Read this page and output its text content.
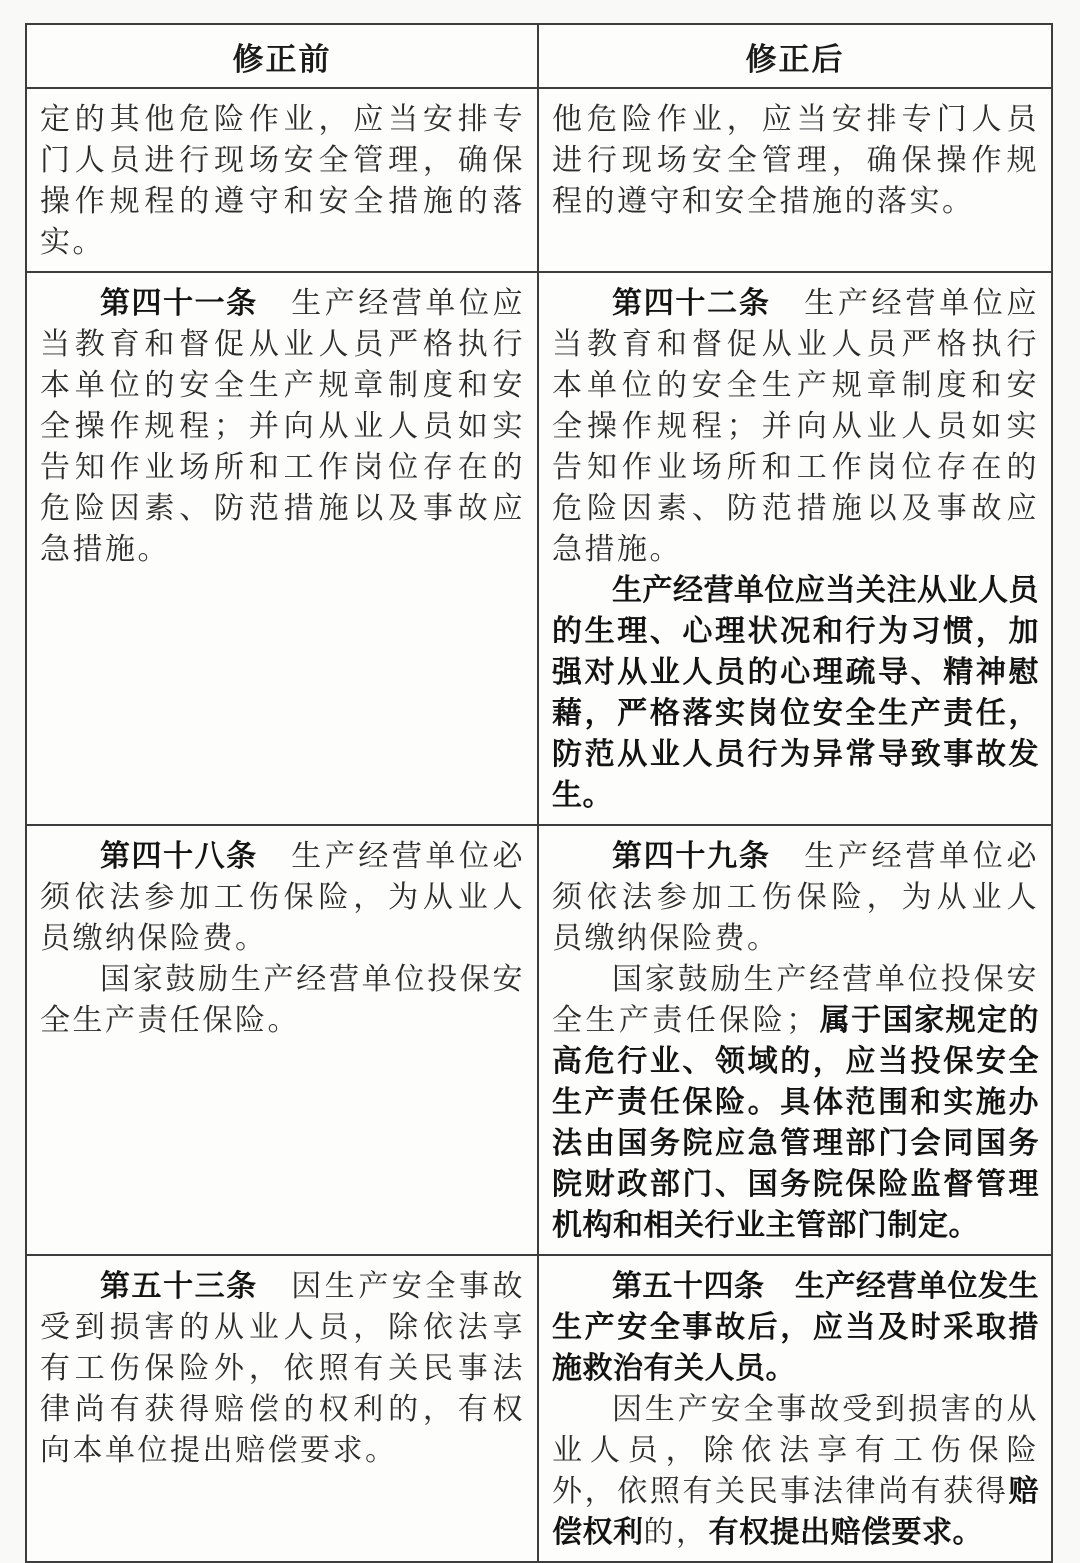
修正前	修正后

定的其他危险作业，应当安排专门人员进行现场安全管理，确保操作规程的遵守和安全措施的落实。

他危险作业，应当安排专门人员进行现场安全管理，确保操作规程的遵守和安全措施的落实。

第四十一条　生产经营单位应当教育和督促从业人员严格执行本单位的安全生产规章制度和安全操作规程；并向从业人员如实告知作业场所和工作岗位存在的危险因素、防范措施以及事故应急措施。

第四十二条　生产经营单位应当教育和督促从业人员严格执行本单位的安全生产规章制度和安全操作规程；并向从业人员如实告知作业场所和工作岗位存在的危险因素、防范措施以及事故应急措施。

生产经营单位应当关注从业人员的生理、心理状况和行为习惯，加强对从业人员的心理疏导、精神慰藉，严格落实岗位安全生产责任，防范从业人员行为异常导致事故发生。

第四十八条　生产经营单位必须依法参加工伤保险，为从业人员缴纳保险费。

国家鼓励生产经营单位投保安全生产责任保险。

第四十九条　生产经营单位必须依法参加工伤保险，为从业人员缴纳保险费。

国家鼓励生产经营单位投保安全生产责任保险；属于国家规定的高危行业、领域的，应当投保安全生产责任保险。具体范围和实施办法由国务院应急管理部门会同国务院财政部门、国务院保险监督管理机构和相关行业主管部门制定。

第五十三条　因生产安全事故受到损害的从业人员，除依法享有工伤保险外，依照有关民事法律尚有获得赔偿的权利的，有权向本单位提出赔偿要求。

第五十四条　生产经营单位发生生产安全事故后，应当及时采取措施救治有关人员。

因生产安全事故受到损害的从业人员，除依法享有工伤保险外，依照有关民事法律尚有获得赔偿权利的，有权提出赔偿要求。
